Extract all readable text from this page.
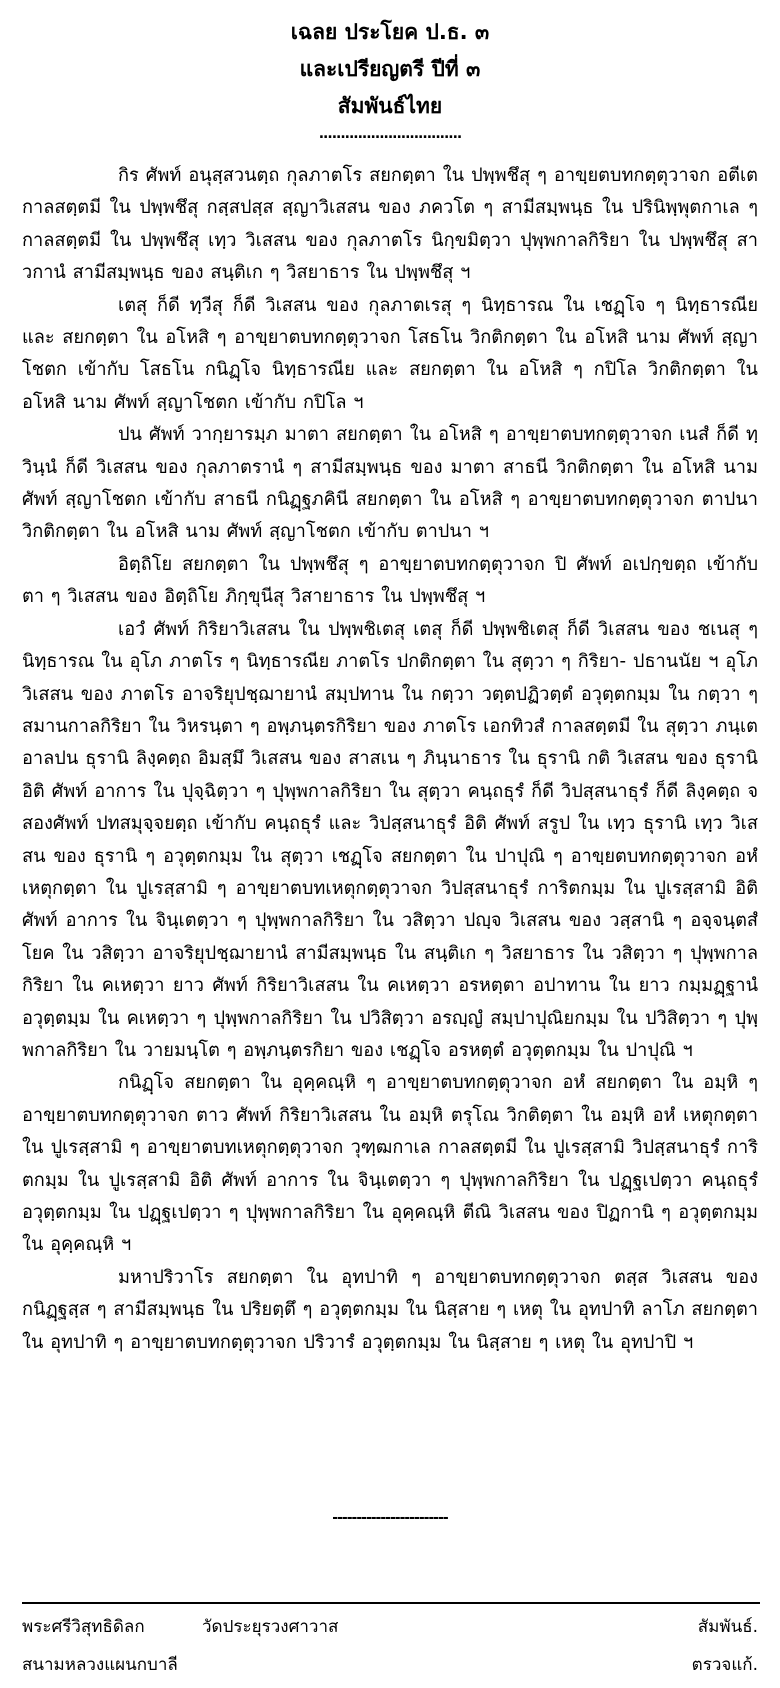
เฉลย ประโยค ป.ธ. ๓
และเปรียญตรี ปีที่ ๓
สัมพันธ์ไทย
.................................

กิร ศัพท์ อนุสฺสวนตฺถ กุลภาตโร สยกตฺตา ใน ปพฺพชึสุ ๆ อาขฺยตบทกตฺตุวาจก อตีเต กาลสตฺตมี ใน ปพฺพชึสุ กสฺสปสฺส สฺญาวิเสสน ของ ภควโต ๆ สามีสมฺพนฺธ ใน ปรินิพฺพุตกาเล ๆ กาลสตฺตมี ใน ปพฺพชึสุ เทฺว วิเสสน ของ กุลภาตโร นิกฺขมิตฺวา ปุพฺพกาลกิริยา ใน ปพฺพชึสุ สาวกานํ สามีสมฺพนฺธ ของ สนฺติเก ๆ วิสยาธาร ใน ปพฺพชึสุ ฯ

เตสุ ก็ดี ทฺวีสุ ก็ดี วิเสสน ของ กุลภาตเรสุ ๆ นิทฺธารณ ใน เชฏฺโจ ๆ นิทฺธารณีย และ สยกตฺตา ใน อโหสิ ๆ อาขฺยาตบทกตฺตุวาจก โสธโน วิกติกตฺตา ใน อโหสิ นาม ศัพท์ สฺญาโชตก เข้ากับ โสธโน กนิฏฺโจ นิทฺธารณีย และ สยกตฺตา ใน อโหสิ ๆ กปิโล วิกติกตฺตา ใน อโหสิ นาม ศัพท์ สฺญาโชตก เข้ากับ กปิโล ฯ

ปน ศัพท์ วากฺยารมฺภ มาตา สยกตฺตา ใน อโหสิ ๆ อาขฺยาตบทกตฺตุวาจก เนสํ ก็ดี ทฺวินฺนํ ก็ดี วิเสสน ของ กุลภาตรานํ ๆ สามีสมฺพนฺธ ของ มาตา สาธนี วิกติกตฺตา ใน อโหสิ นาม ศัพท์ สฺญาโชตก เข้ากับ สาธนี กนิฏฺฐภคินี สยกตฺตา ใน อโหสิ ๆ อาขฺยาตบทกตฺตุวาจก ตาปนา วิกติกตฺตา ใน อโหสิ นาม ศัพท์ สฺญาโชตก เข้ากับ ตาปนา ฯ

อิตฺถิโย สยกตฺตา ใน ปพฺพชึสุ ๆ อาขฺยาตบทกตฺตุวาจก ปิ ศัพท์ อเปกฺขตฺถ เข้ากับ ตา ๆ วิเสสน ของ อิตฺถิโย ภิกฺขุนีสุ วิสายาธาร ใน ปพฺพชึสุ ฯ

เอวํ ศัพท์ กิริยาวิเสสน ใน ปพฺพชิเตสุ เตสุ ก็ดี ปพฺพชิเตสุ ก็ดี วิเสสน ของ ชเนสุ ๆ นิทฺธารณ ใน อุโภ ภาตโร ๆ นิทฺธารณีย ภาตโร ปกติกตฺตา ใน สุตฺวา ๆ กิริยา- ปธานนัย ฯ อุโภ วิเสสน ของ ภาตโร อาจริยุปชฺฌายานํ สมฺปทาน ใน กตฺวา วตฺตปฏิวตฺตํ อวุตฺตกมฺม ใน กตฺวา ๆ สมานกาลกิริยา ใน วิหรนฺตา ๆ อพฺภนฺตรกิริยา ของ ภาตโร เอกทิวสํ กาลสตฺตมี ใน สุตฺวา ภนฺเต อาลปน ธุรานิ ลิงฺคตฺถ อิมสฺมึ วิเสสน ของ สาสเน ๆ ภินฺนาธาร ใน ธุรานิ กติ วิเสสน ของ ธุรานิ อิติ ศัพท์ อาการ ใน ปุจฺฉิตฺวา ๆ ปุพฺพกาลกิริยา ใน สุตฺวา คนฺถธุรํ ก็ดี วิปสฺสนาธุรํ ก็ดี ลิงฺคตฺถ จ สองศัพท์ ปทสมุจฺจยตฺถ เข้ากับ คนฺถธุรํ และ วิปสฺสนาธุรํ อิติ ศัพท์ สรูป ใน เทฺว ธุรานิ เทฺว วิเสสน ของ ธุรานิ ๆ อวุตฺตกมฺม ใน สุตฺวา เชฏฺโจ สยกตฺตา ใน ปาปุณิ ๆ อาขฺยตบทกตฺตุวาจก อหํ เหตุกตฺตา ใน ปูเรสฺสามิ ๆ อาขฺยาตบทเหตุกตฺตุวาจก วิปสฺสนาธุรํ การิตกมฺม ใน ปูเรสฺสามิ อิติ ศัพท์ อาการ ใน จินฺเตตฺวา ๆ ปุพฺพกาลกิริยา ใน วสิตฺวา ปญฺจ วิเสสน ของ วสฺสานิ ๆ อจฺจนฺตสํโยค ใน วสิตฺวา อาจริยุปชฺฌายานํ สามีสมฺพนฺธ ใน สนฺติเก ๆ วิสยาธาร ใน วสิตฺวา ๆ ปุพฺพกาลกิริยา ใน คเหตฺวา ยาว ศัพท์ กิริยาวิเสสน ใน คเหตฺวา อรหตฺตา อปาทาน ใน ยาว กมฺมฏฺฐานํ อวุตฺตมฺม ใน คเหตฺวา ๆ ปุพฺพกาลกิริยา ใน ปวิสิตฺวา อรญฺญํ สมฺปาปุณิยกมฺม ใน ปวิสิตฺวา ๆ ปุพฺพกาลกิริยา ใน วายมนฺโต ๆ อพฺภนฺตรกิยา ของ เชฏฺโจ อรหตฺตํ อวุตฺตกมฺม ใน ปาปุณิ ฯ

กนิฏฺโจ สยกตฺตา ใน อุคฺคณฺหิ ๆ อาขฺยาตบทกตฺตุวาจก อหํ สยกตฺตา ใน อมฺหิ ๆ อาขฺยาตบทกตฺตุวาจก ตาว ศัพท์ กิริยาวิเสสน ใน อมฺหิ ตรุโณ วิกติตฺตา ใน อมฺหิ อหํ เหตุกตฺตา ใน ปูเรสฺสามิ ๆ อาขฺยาตบทเหตุกตฺตุวาจก วุฑฺฒกาเล กาลสตฺตมี ใน ปูเรสฺสามิ วิปสฺสนาธุรํ การิตกมฺม ใน ปูเรสฺสามิ อิติ ศัพท์ อาการ ใน จินฺเตตฺวา ๆ ปุพฺพกาลกิริยา ใน ปฏฺฐเปตฺวา คนฺถธุรํ อวุตฺตกมฺม ใน ปฏฺฐเปตฺวา ๆ ปุพฺพกาลกิริยา ใน อุคฺคณฺหิ ตีณิ วิเสสน ของ ปิฏกานิ ๆ อวุตฺตกมฺม ใน อุคฺคณฺหิ ฯ

มหาปริวาโร สยกตฺตา ใน อุทปาทิ ๆ อาขฺยาตบทกตฺตุวาจก ตสฺส วิเสสน ของ กนิฏฺฐสฺส ๆ สามีสมฺพนฺธ ใน ปริยตฺตึ ๆ อวุตฺตกมฺม ใน นิสฺสาย ๆ เหตุ ใน อุทปาทิ ลาโภ สยกตฺตา ใน อุทปาทิ ๆ อาขฺยาตบทกตฺตุวาจก ปริวารํ อวุตฺตกมฺม ใน นิสฺสาย ๆ เหตุ ใน อุทปาปิ ฯ

------------------------
พระศรีวิสุทธิดิลก	วัดประยุรวงศาวาส	สัมพันธ์.
สนามหลวงแผนกบาลี	ตรวจแก้.
